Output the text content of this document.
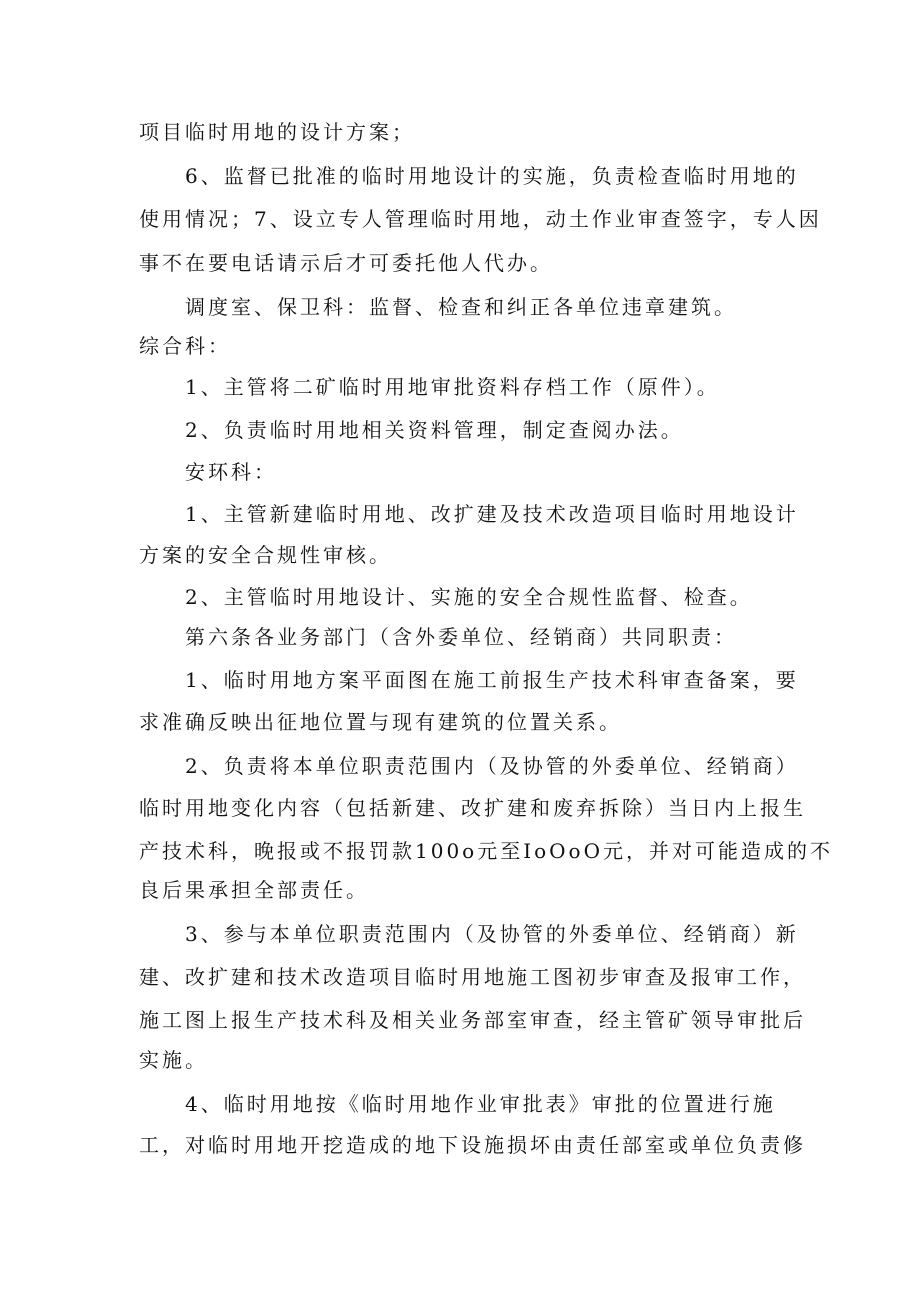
项目临时用地的设计方案；

6、监督已批准的临时用地设计的实施，负责检查临时用地的

使用情况；7、设立专人管理临时用地，动土作业审查签字，专人因

事不在要电话请示后才可委托他人代办。

调度室、保卫科：监督、检查和纠正各单位违章建筑。

综合科：

1、主管将二矿临时用地审批资料存档工作（原件）。

2、负责临时用地相关资料管理，制定查阅办法。

安环科：

1、主管新建临时用地、改扩建及技术改造项目临时用地设计

方案的安全合规性审核。

2、主管临时用地设计、实施的安全合规性监督、检查。

第六条各业务部门（含外委单位、经销商）共同职责：

1、临时用地方案平面图在施工前报生产技术科审查备案，要

求准确反映出征地位置与现有建筑的位置关系。

2、负责将本单位职责范围内（及协管的外委单位、经销商）

临时用地变化内容（包括新建、改扩建和废弃拆除）当日内上报生

产技术科，晚报或不报罚款100o元至IoOoO元，并对可能造成的不

良后果承担全部责任。

3、参与本单位职责范围内（及协管的外委单位、经销商）新

建、改扩建和技术改造项目临时用地施工图初步审查及报审工作，

施工图上报生产技术科及相关业务部室审查，经主管矿领导审批后

实施。

4、临时用地按《临时用地作业审批表》审批的位置进行施

工，对临时用地开挖造成的地下设施损坏由责任部室或单位负责修
